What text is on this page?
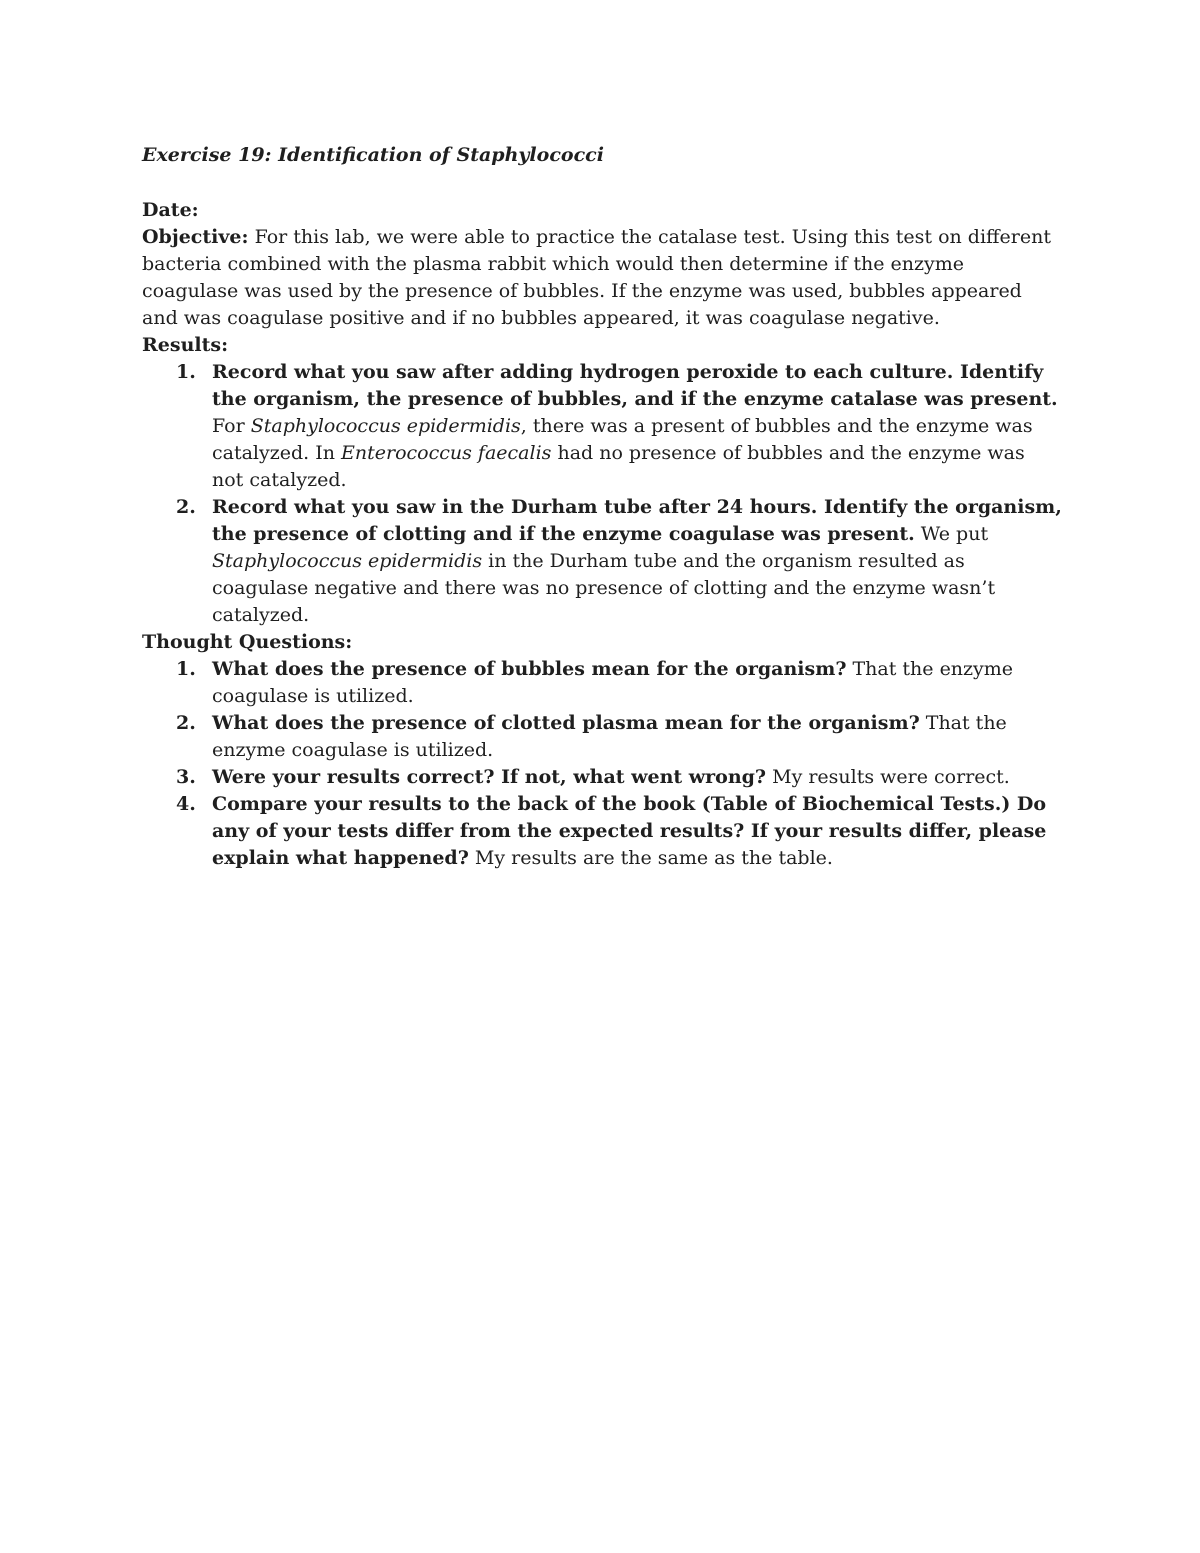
Exercise 19: Identification of Staphylococci

Date:

Objective: For this lab, we were able to practice the catalase test. Using this test on different bacteria combined with the plasma rabbit which would then determine if the enzyme coagulase was used by the presence of bubbles. If the enzyme was used, bubbles appeared and was coagulase positive and if no bubbles appeared, it was coagulase negative.

Results:

1. Record what you saw after adding hydrogen peroxide to each culture. Identify the organism, the presence of bubbles, and if the enzyme catalase was present. For Staphylococcus epidermidis, there was a present of bubbles and the enzyme was catalyzed. In Enterococcus faecalis had no presence of bubbles and the enzyme was not catalyzed.
2. Record what you saw in the Durham tube after 24 hours. Identify the organism, the presence of clotting and if the enzyme coagulase was present. We put Staphylococcus epidermidis in the Durham tube and the organism resulted as coagulase negative and there was no presence of clotting and the enzyme wasn’t catalyzed.

Thought Questions:

1. What does the presence of bubbles mean for the organism? That the enzyme coagulase is utilized.
2. What does the presence of clotted plasma mean for the organism? That the enzyme coagulase is utilized.
3. Were your results correct? If not, what went wrong? My results were correct.
4. Compare your results to the back of the book (Table of Biochemical Tests.) Do any of your tests differ from the expected results? If your results differ, please explain what happened? My results are the same as the table.
